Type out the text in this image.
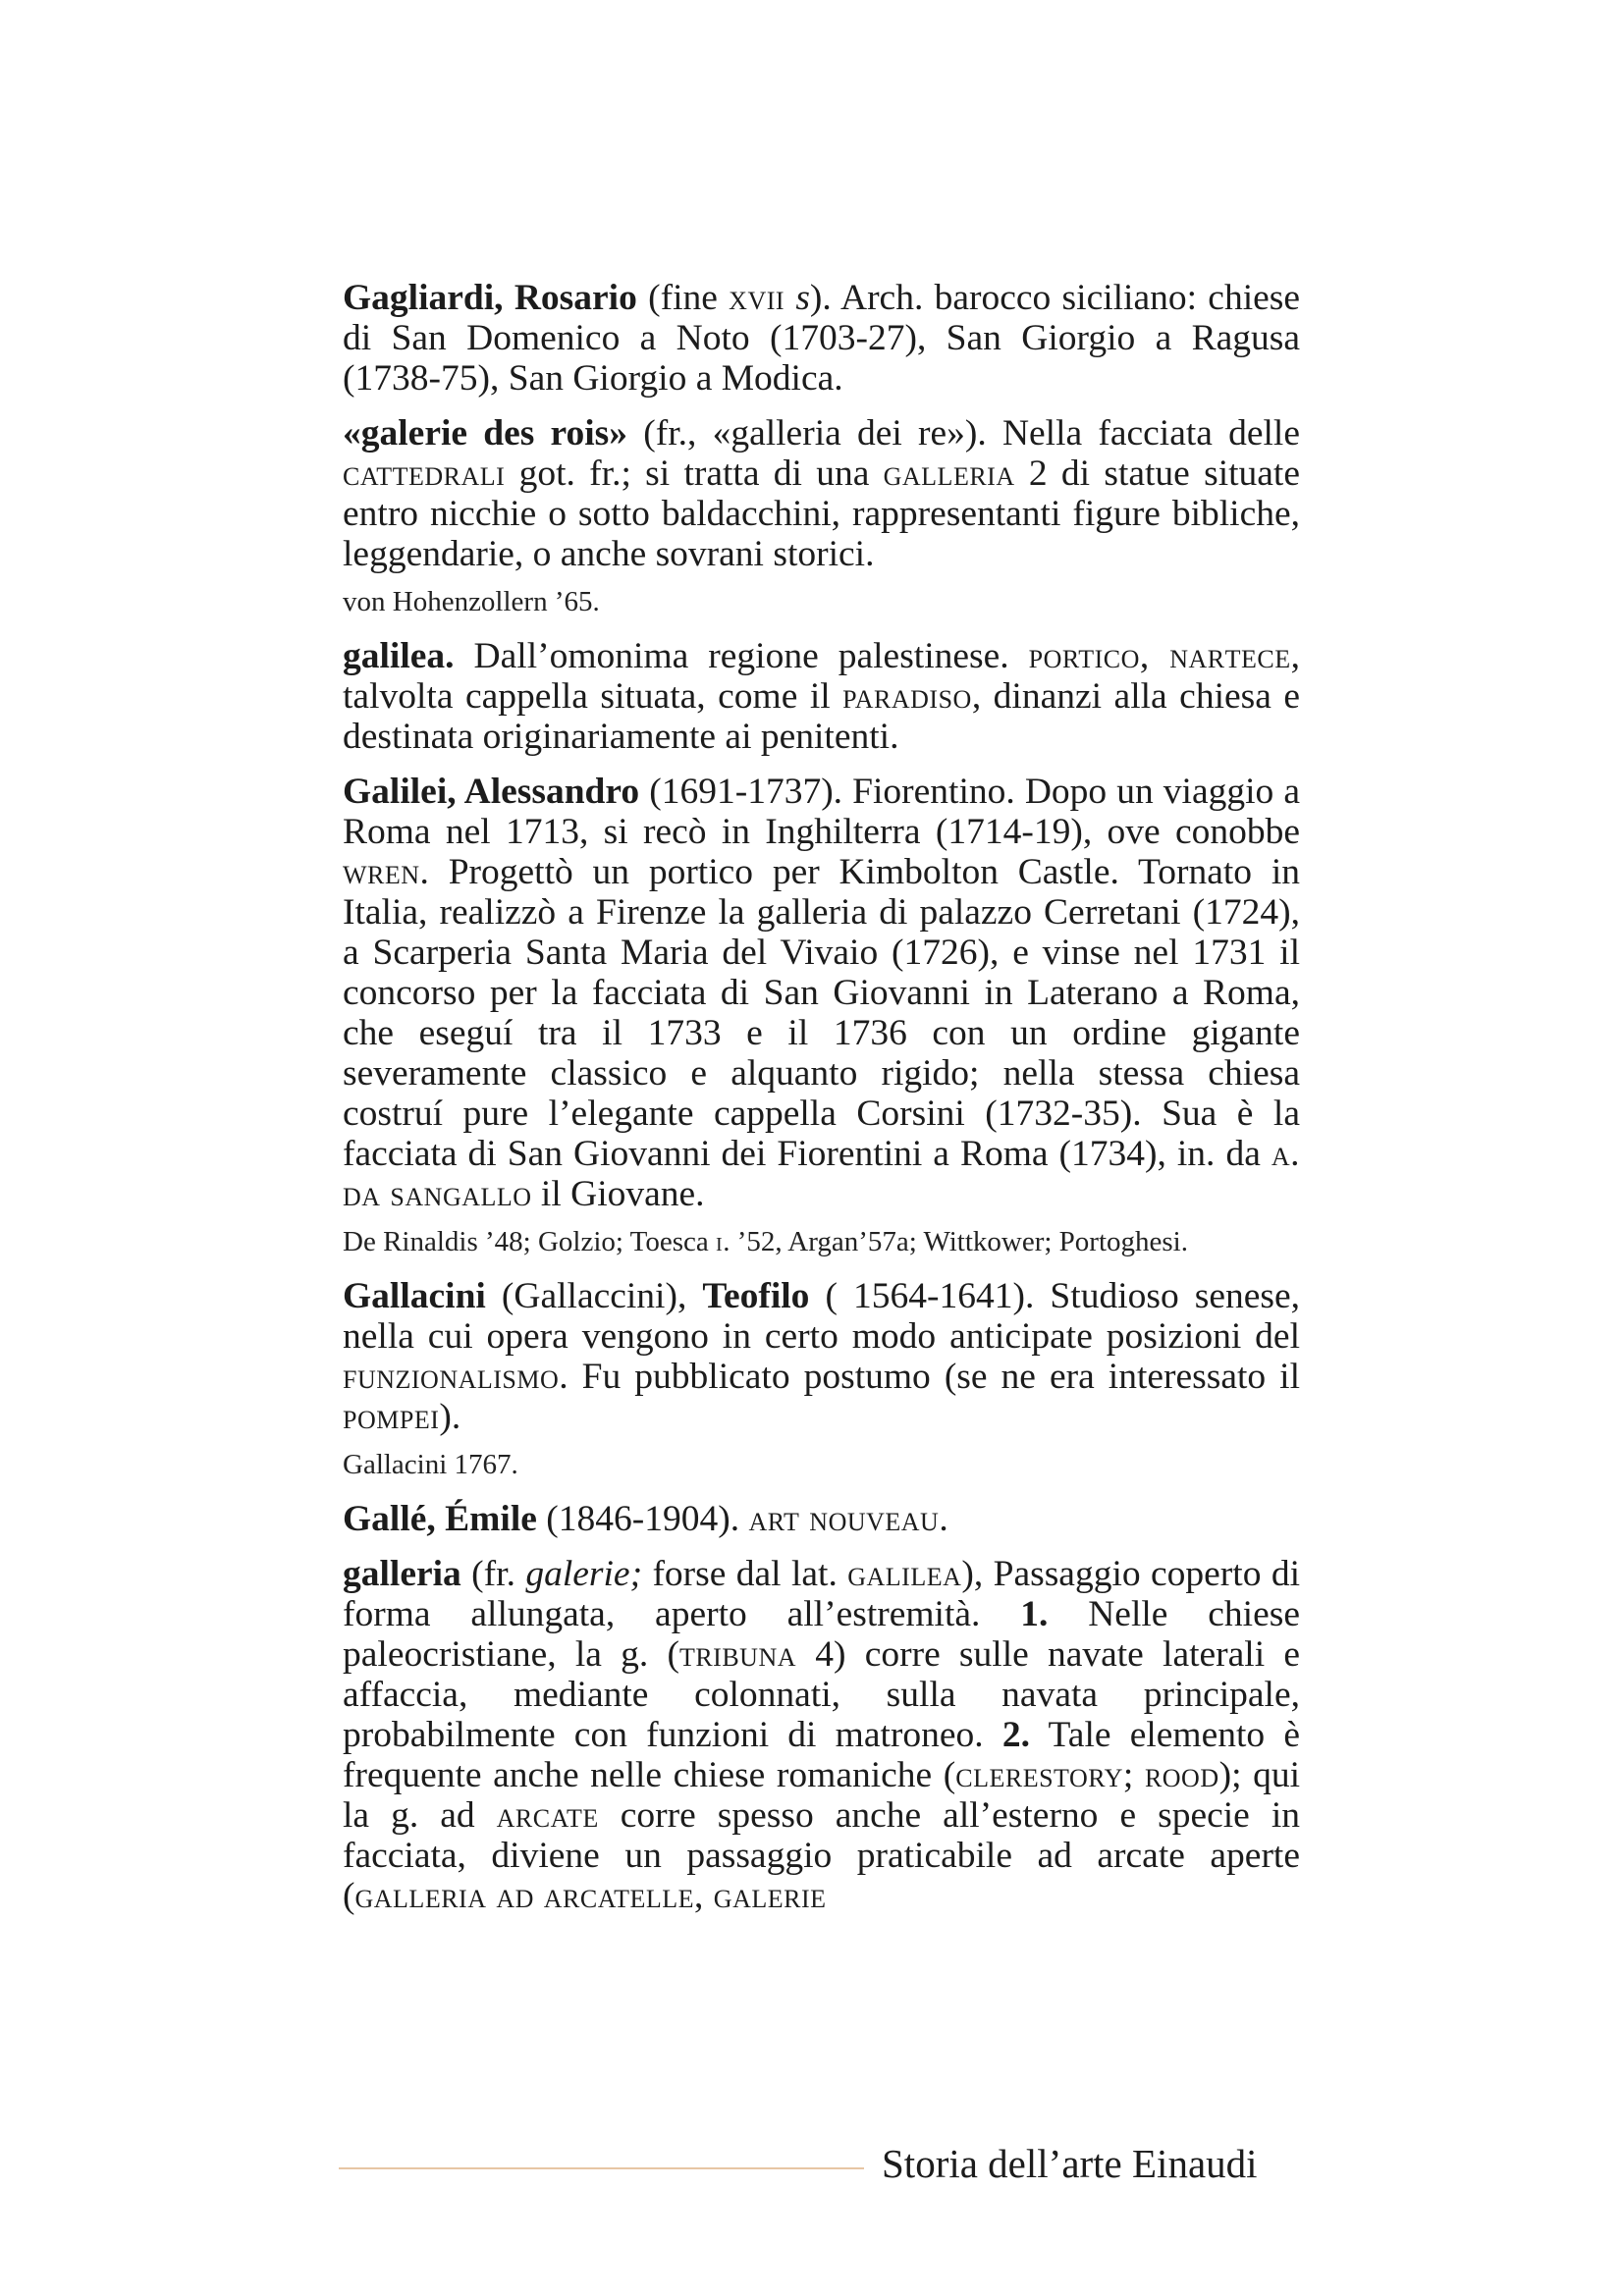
Gagliardi, Rosario (fine xvii s). Arch. barocco siciliano: chiese di San Domenico a Noto (1703-27), San Giorgio a Ragusa (1738-75), San Giorgio a Modica.

«galerie des rois» (fr., «galleria dei re»). Nella facciata delle cattedrali got. fr.; si tratta di una galleria 2 di statue situate entro nicchie o sotto baldacchini, rappresentanti figure bibliche, leggendarie, o anche sovrani storici.

von Hohenzollern ’65.

galilea. Dall’omonima regione palestinese. portico, nartece, talvolta cappella situata, come il paradiso, dinanzi alla chiesa e destinata originariamente ai penitenti.

Galilei, Alessandro (1691-1737). Fiorentino. Dopo un viaggio a Roma nel 1713, si recò in Inghilterra (1714-19), ove conobbe wren. Progettò un portico per Kimbolton Castle. Tornato in Italia, realizzò a Firenze la galleria di palazzo Cerretani (1724), a Scarperia Santa Maria del Vivaio (1726), e vinse nel 1731 il concorso per la facciata di San Giovanni in Laterano a Roma, che eseguí tra il 1733 e il 1736 con un ordine gigante severamente classico e alquanto rigido; nella stessa chiesa costruí pure l’elegante cappella Corsini (1732-35). Sua è la facciata di San Giovanni dei Fiorentini a Roma (1734), in. da a. da sangallo il Giovane.

De Rinaldis ’48; Golzio; Toesca i. ’52, Argan’57a; Wittkower; Portoghesi.

Gallacini (Gallaccini), Teofilo ( 1564-1641). Studioso senese, nella cui opera vengono in certo modo anticipate posizioni del funzionalismo. Fu pubblicato postumo (se ne era interessato il pompei).

Gallacini 1767.

Gallé, Émile (1846-1904). art nouveau.

galleria (fr. galerie; forse dal lat. galilea), Passaggio coperto di forma allungata, aperto all’estremità. 1. Nelle chiese paleocristiane, la g. (tribuna 4) corre sulle navate laterali e affaccia, mediante colonnati, sulla navata principale, probabilmente con funzioni di matroneo. 2. Tale elemento è frequente anche nelle chiese romaniche (clerestory; rood); qui la g. ad arcate corre spesso anche all’esterno e specie in facciata, diviene un passaggio praticabile ad arcate aperte (galleria ad arcatelle, galerie

Storia dell’arte Einaudi
